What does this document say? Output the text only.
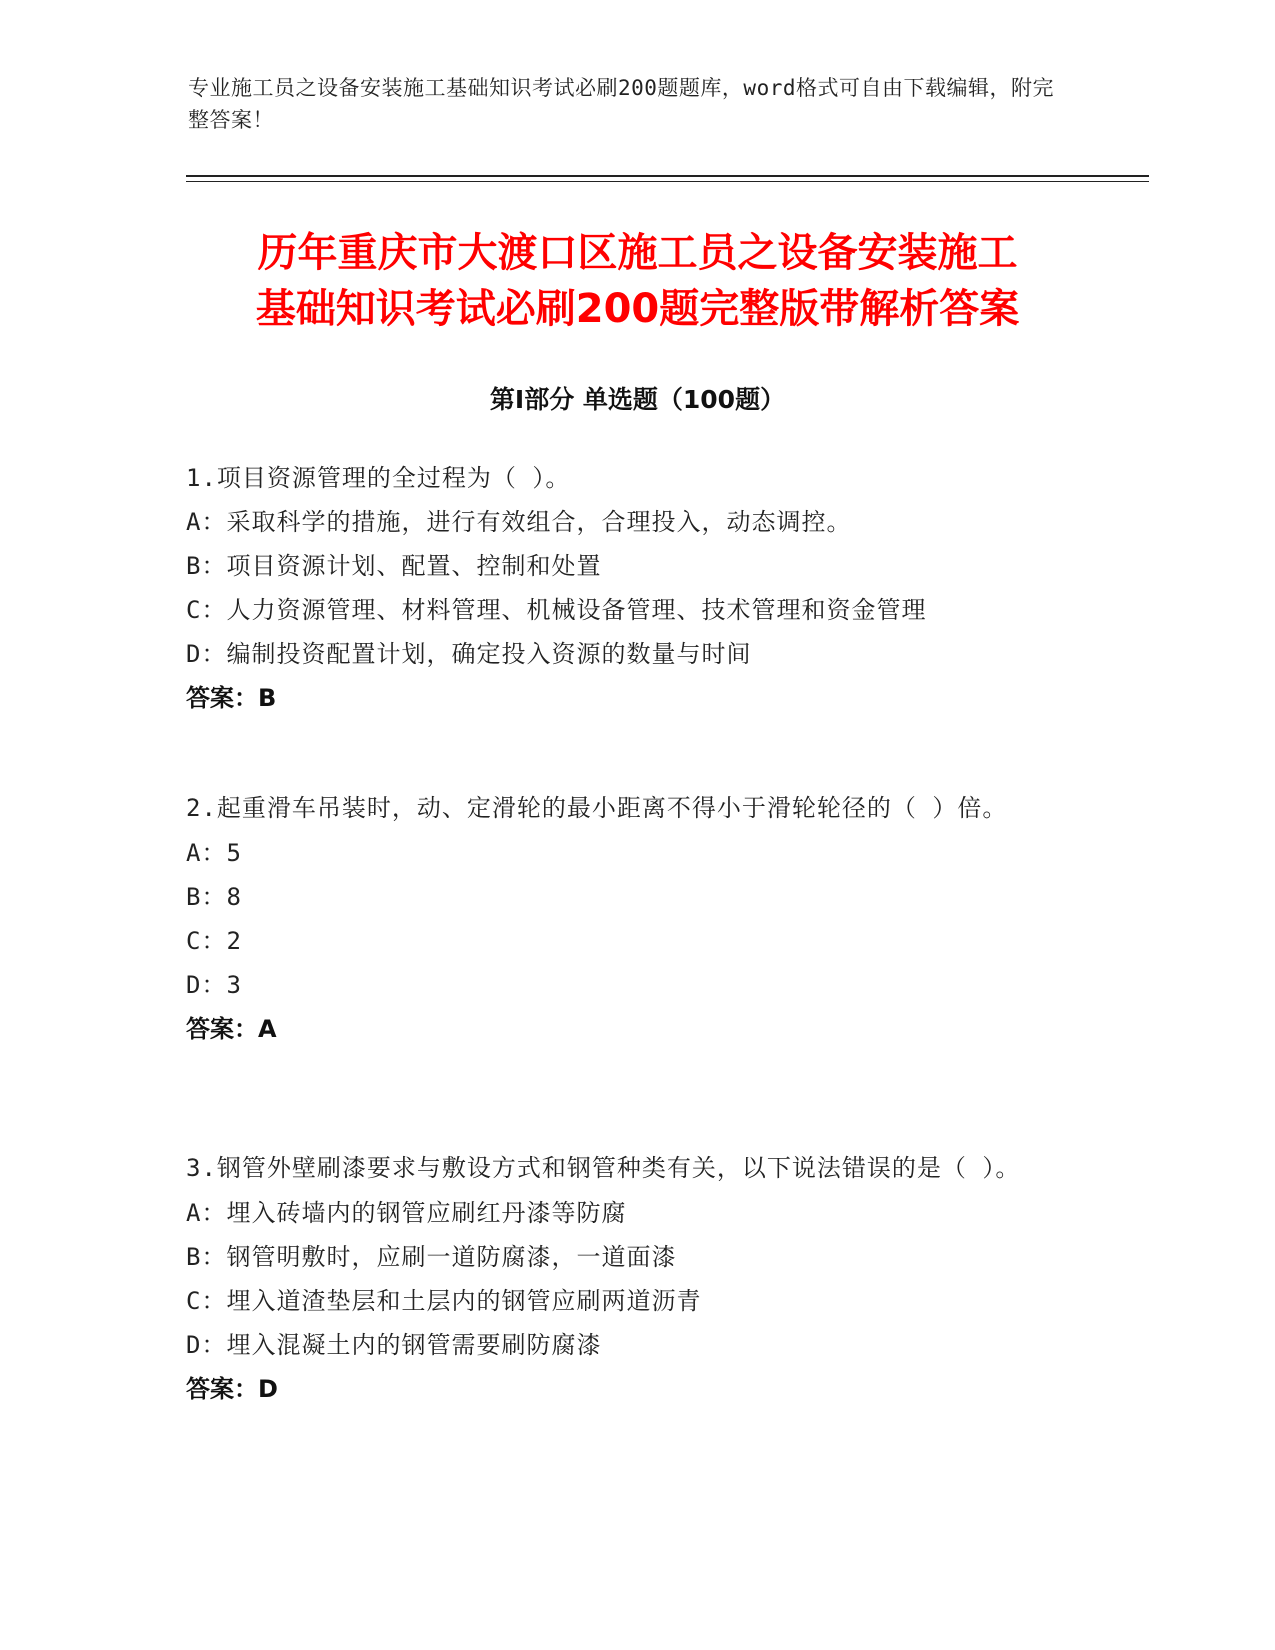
专业施工员之设备安装施工基础知识考试必刷200题题库，word格式可自由下载编辑，附完整答案！
历年重庆市大渡口区施工员之设备安装施工
基础知识考试必刷200题完整版带解析答案
第Ⅰ部分 单选题（100题）
1.项目资源管理的全过程为（ ）。
A：采取科学的措施，进行有效组合，合理投入，动态调控。
B：项目资源计划、配置、控制和处置
C：人力资源管理、材料管理、机械设备管理、技术管理和资金管理
D：编制投资配置计划，确定投入资源的数量与时间
答案：B
2.起重滑车吊装时，动、定滑轮的最小距离不得小于滑轮轮径的（ ）倍。
A：5
B：8
C：2
D：3
答案：A
3.钢管外壁刷漆要求与敷设方式和钢管种类有关，以下说法错误的是（ ）。
A：埋入砖墙内的钢管应刷红丹漆等防腐
B：钢管明敷时，应刷一道防腐漆，一道面漆
C：埋入道渣垫层和土层内的钢管应刷两道沥青
D：埋入混凝土内的钢管需要刷防腐漆
答案：D
